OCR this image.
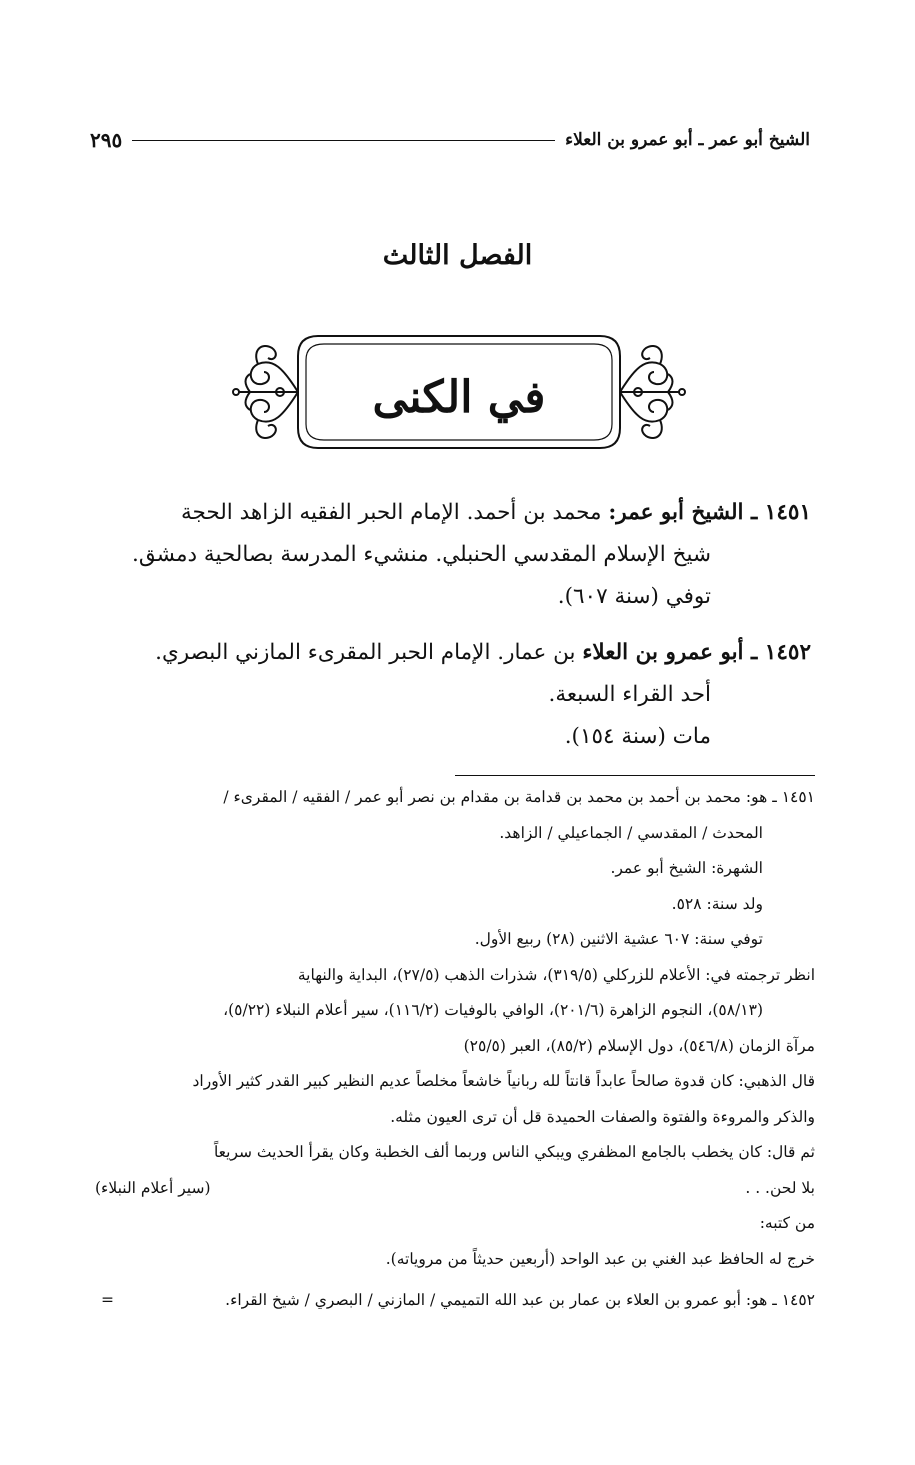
الشيخ أبو عمر ـ أبو عمرو بن العلاء
٢٩٥
الفصل الثالث
في الكنى

١٤٥١ ـ الشيخ أبو عمر: محمد بن أحمد. الإمام الحبر الفقيه الزاهد الحجة

شيخ الإسلام المقدسي الحنبلي. منشيء المدرسة بصالحية دمشق.

توفي (سنة ٦٠٧).

١٤٥٢ ـ أبو عمرو بن العلاء بن عمار. الإمام الحبر المقرىء المازني البصري.

أحد القراء السبعة.

مات (سنة ١٥٤).

١٤٥١ ـ هو: محمد بن أحمد بن محمد بن قدامة بن مقدام بن نصر أبو عمر / الفقيه / المقرىء /

المحدث / المقدسي / الجماعيلي / الزاهد.

الشهرة: الشيخ أبو عمر.

ولد سنة: ٥٢٨.

توفي سنة: ٦٠٧ عشية الاثنين (٢٨) ربيع الأول.

انظر ترجمته في: الأعلام للزركلي (٣١٩/٥)، شذرات الذهب (٢٧/٥)، البداية والنهاية

(٥٨/١٣)، النجوم الزاهرة (٢٠١/٦)، الوافي بالوفيات (١١٦/٢)، سير أعلام النبلاء (٥/٢٢)،

مرآة الزمان (٥٤٦/٨)، دول الإسلام (٨٥/٢)، العبر (٢٥/٥)

قال الذهبي: كان قدوة صالحاً عابداً قانتاً لله ربانياً خاشعاً مخلصاً عديم النظير كبير القدر كثير الأوراد

والذكر والمروءة والفتوة والصفات الحميدة قل أن ترى العيون مثله.

ثم قال: كان يخطب بالجامع المظفري ويبكي الناس وربما ألف الخطبة وكان يقرأ الحديث سريعاً

بلا لحن. . .

(سير أعلام النبلاء)

من كتبه:

خرج له الحافظ عبد الغني بن عبد الواحد (أربعين حديثاً من مروياته).

١٤٥٢ ـ هو: أبو عمرو بن العلاء بن عمار بن عبد الله التميمي / المازني / البصري / شيخ القراء.

=
